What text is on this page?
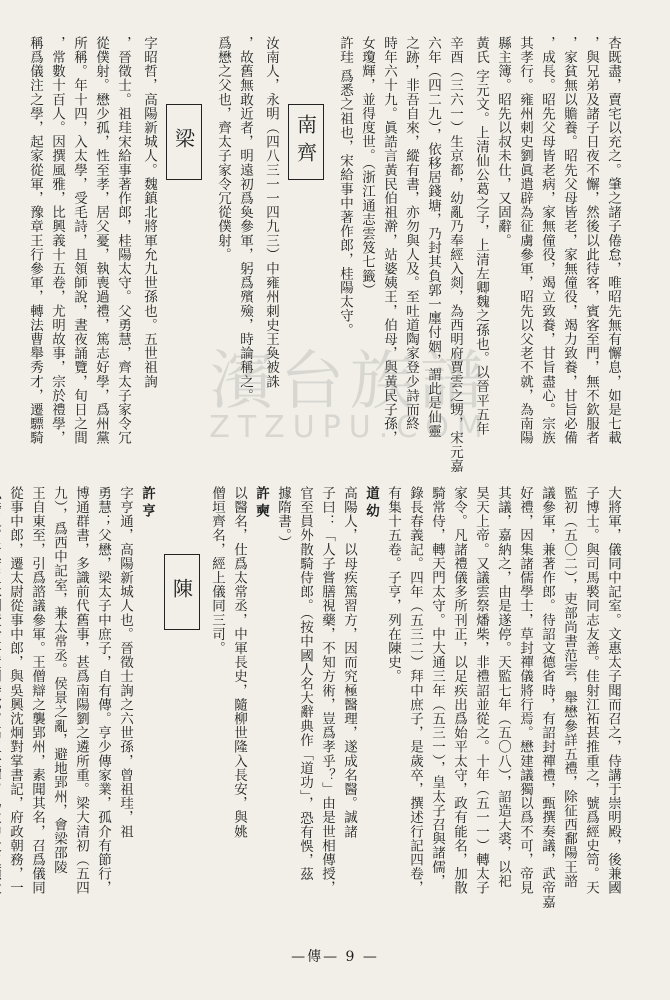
杏既盡，賣宅以充之。肇之諸子倦怠，唯昭先無有懈息，如是七載
，與兄弟及諸子日夜不懈，然後以此待客，賓客至門，無不欽服者
，家貧無以贍養。昭先父母皆老，家無僮役，竭力致養，甘旨必備
，成長。昭先父母皆老病，家無僮役，竭立致養，甘旨盡心。宗族
其孝行。雍州刺史劉眞遣辟為征虜參軍，昭先以父老不就，為南陽
縣主簿。昭先以叔未仕，又固辭。
黃氏 字元文。上清仙公葛之子，上清左卿魏之孫也。以晉平五年
辛酉（三六一）生京都，幼亂乃奉經入剡，為西明府賈雲之甥，宋元嘉
六年（四二九），依移居錢塘，乃封其負郭一廛付姻，謂此是仙靈
之跡，非吾自來，縱有書，亦勿與人及。至吐道陶家登少詩而終
時年六十九。眞誥言黃民伯祖澣，站婆姨王，伯母，與黃民子孫，
女瓊輝，並得度世。（浙江通志雲笈七籤）
許珪 爲悉之祖也，宋給事中著作郎，桂陽太守。
南齊
汝南人，永明（四八三一一四九三）中雍州刺史王奐被誅
，故舊無敢近者，明遠初爲奐參軍，躬爲殯殮，時論稱之。
爲懋之父也，齊太子家令冗從僕射。
梁
字昭哲，高陽新城人。魏鎮北將軍允九世孫也。五世祖詢
，晉徵士。祖珪宋給事著作郎，桂陽太守。父勇慧，齊太子家令冗
從僕射。懋少孤，性至孝，居父憂，執喪過禮，篤志好學，爲州黨
所稱。年十四，入太學，受毛詩，且領師說，晝夜誦覽，旬日之間
，常數十百人。因撰風雅，比興義十五卷，尤明故事，宗於禮學，
稱爲儀注之學，起家從軍，豫章王行參軍，轉法曹舉秀才，遷驃騎
大將軍，儀同中記室。文惠太子聞而召之，侍講于崇明殿，後兼國
子博士。與司馬褧同志友善。佳射江祏甚推重之，號爲經史笥。天
監初（五〇二），吏部尚書范雲，舉懋參詳五禮，除征西鄱陽王諮
議參軍，兼著作郎。待詔文德省時，有詔封禪禮，甄撰奏議，武帝嘉
好禮，因集諸儒學士，草封禪儀將行焉。懋建議獨以爲不可，帝見
其議，嘉納之，由是遂停。天監七年（五〇八），詔造大裘，以祀
昊天上帝。又議雲祭燔柴，非禮詔並從之。十年（五一一）轉太子
家令。凡諸禮儀多所刊正，以足疾出爲始平太守，政有能名，加散
騎常侍，轉天門太守。中大通三年（五三一），皇太子召與諸儒，
錄長春義記。四年（五三二）拜中庶子，是歲卒，撰述行記四卷，
有集十五卷。子亨，列在陳史。
道幼
高陽人，以母疾篤習方，因而究極醫理，遂成名醫。誠諸
子曰：「人子嘗膳視藥，不知方術，豈爲孝乎？」由是世相傳授，
官至員外散騎侍郎。（按中國人名大辭典作「道功」，恐有悞，茲
據隋書。）
許奭
以醫名，仕爲太常丞，中軍長史，隨柳世隆入長安，與姚
僧垣齊名，經上儀同三司。
陳
許亨
字亨通，高陽新城人也。晉徵士詢之六世孫，曾祖珪，祖
勇慧；父懋，梁太子中庶子，自有傳。亨少傳家業，孤介有節行，
博通群書，多識前代舊事，甚爲南陽劉之遴所重。梁大清初（五四
九），爲西中記室，兼太常丞。侯景之亂，避地郢州，會梁邵陵
王自東至，引爲諮議參軍。王僧辯之襲郢州，素聞其名，召爲儀同
從事中郎，遷太尉從事中郎，與吳興沈炯對掌書記，府政朝務，一
濱台族譜
ZTZUPU.COM
—傳— 9 —
